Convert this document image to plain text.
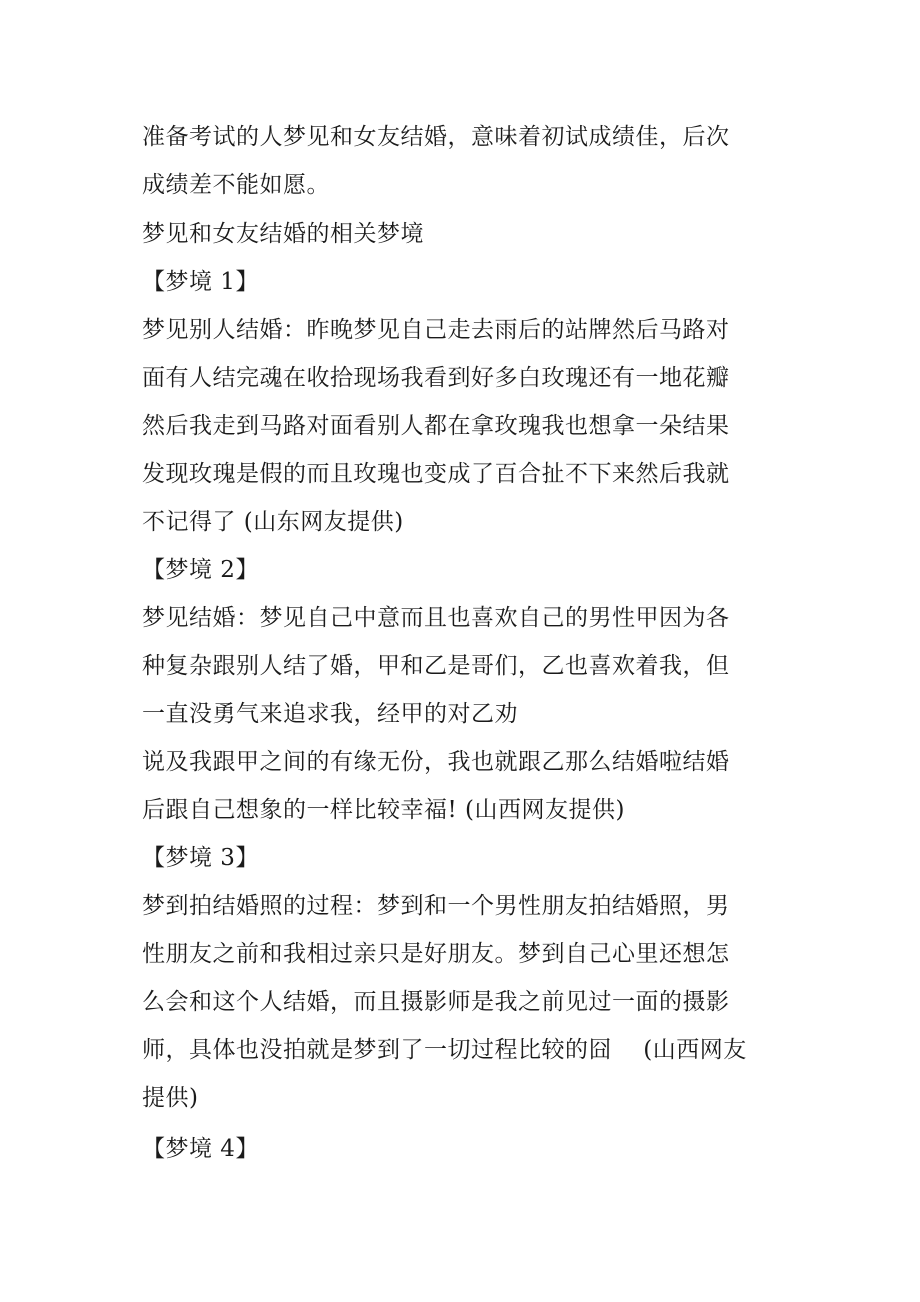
准备考试的人梦见和女友结婚，意味着初试成绩佳，后次
成绩差不能如愿。
梦见和女友结婚的相关梦境
【梦境 1】
梦见别人结婚：昨晚梦见自己走去雨后的站牌然后马路对
面有人结完魂在收拾现场我看到好多白玫瑰还有一地花瓣
然后我走到马路对面看别人都在拿玫瑰我也想拿一朵结果
发现玫瑰是假的而且玫瑰也变成了百合扯不下来然后我就
不记得了 (山东网友提供)
【梦境 2】
梦见结婚：梦见自己中意而且也喜欢自己的男性甲因为各
种复杂跟别人结了婚，甲和乙是哥们，乙也喜欢着我，但
一直没勇气来追求我，经甲的对乙劝
说及我跟甲之间的有缘无份，我也就跟乙那么结婚啦结婚
后跟自己想象的一样比较幸福! (山西网友提供)
【梦境 3】
梦到拍结婚照的过程：梦到和一个男性朋友拍结婚照，男
性朋友之前和我相过亲只是好朋友。梦到自己心里还想怎
么会和这个人结婚，而且摄影师是我之前见过一面的摄影
师，具体也没拍就是梦到了一切过程比较的囧　 (山西网友
提供)
【梦境 4】
